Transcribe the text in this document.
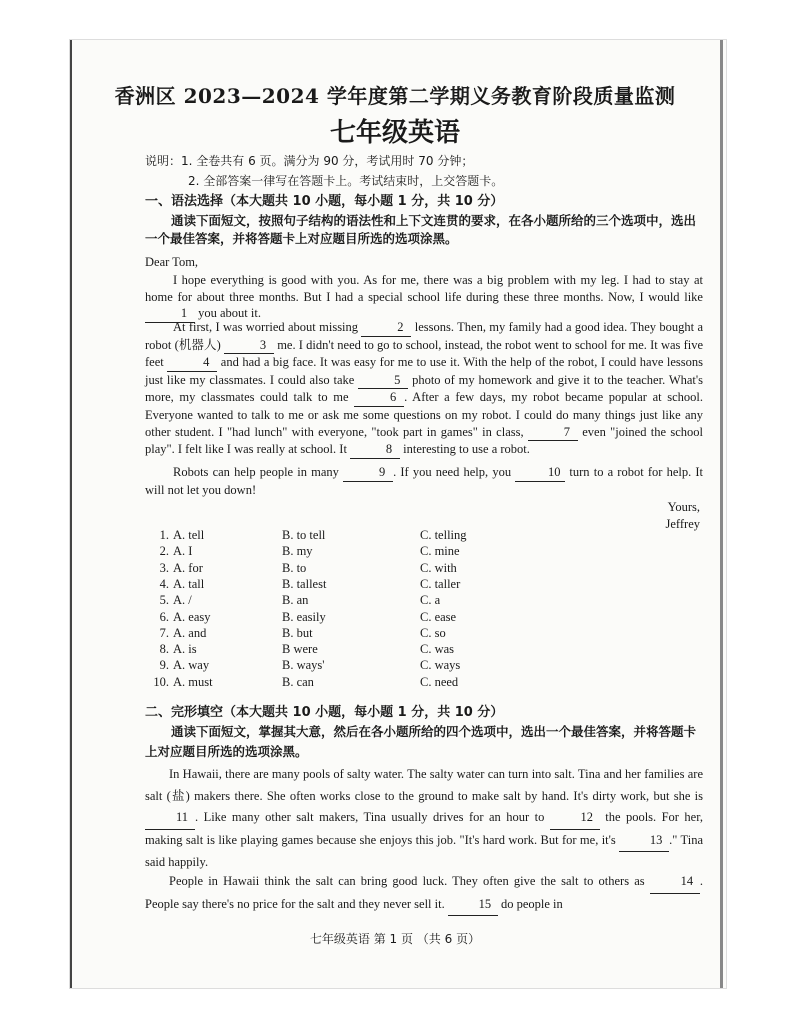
香洲区 2023—2024 学年度第二学期义务教育阶段质量监测
七年级英语
说明：1. 全卷共有 6 页。满分为 90 分，考试用时 70 分钟；
2. 全部答案一律写在答题卡上。考试结束时，上交答题卡。
一、语法选择（本大题共 10 小题，每小题 1 分，共 10 分）
通读下面短文，按照句子结构的语法性和上下文连贯的要求，在各小题所给的三个选项中，选出一个最佳答案，并将答题卡上对应题目所选的选项涂黑。
Dear Tom,
I hope everything is good with you. As for me, there was a big problem with my leg. I had to stay at home for about three months. But I had a special school life during these three months. Now, I would like 1 you about it.
At first, I was worried about missing	2 lessons. Then, my family had a good idea. They bought a robot (机器人)	3 me. I didn't need to go to school, instead, the robot went to school for me. It was five feet	4 and had a big face. It was easy for me to use it. With the help of the robot, I could have lessons just like my classmates. I could also take	5 photo of my homework and give it to the teacher. What's more, my classmates could talk to me	6 . After a few days, my robot became popular at school. Everyone wanted to talk to me or ask me some questions on my robot. I could do many things just like any other student. I "had lunch" with everyone, "took part in games" in class,	7 even "joined the school play". I felt like I was really at school. It	8 interesting to use a robot.
Robots can help people in many	9 . If you need help, you	10 turn to a robot for help. It will not let you down!
Yours,
Jeffrey
1. A. tell	B. to tell	C. telling
2. A. I	B. my	C. mine
3. A. for	B. to	C. with
4. A. tall	B. tallest	C. taller
5. A. /	B. an	C. a
6. A. easy	B. easily	C. ease
7. A. and	B. but	C. so
8. A. is	B were	C. was
9. A. way	B. ways'	C. ways
10. A. must	B. can	C. need
二、完形填空（本大题共 10 小题，每小题 1 分，共 10 分）
通读下面短文，掌握其大意，然后在各小题所给的四个选项中，选出一个最佳答案，并将答题卡上对应题目所选的选项涂黑。
In Hawaii, there are many pools of salty water. The salty water can turn into salt. Tina and her families are salt (盐) makers there. She often works close to the ground to make salt by hand. It's dirty work, but she is 11 . Like many other salt makers, Tina usually drives for an hour to	12 the pools. For her, making salt is like playing games because she enjoys this job. "It's hard work. But for me, it's	13 ." Tina said happily.
People in Hawaii think the salt can bring good luck. They often give the salt to others as	14 . People say there's no price for the salt and they never sell it.	15 do people in
七年级英语 第 1 页 （共 6 页）
